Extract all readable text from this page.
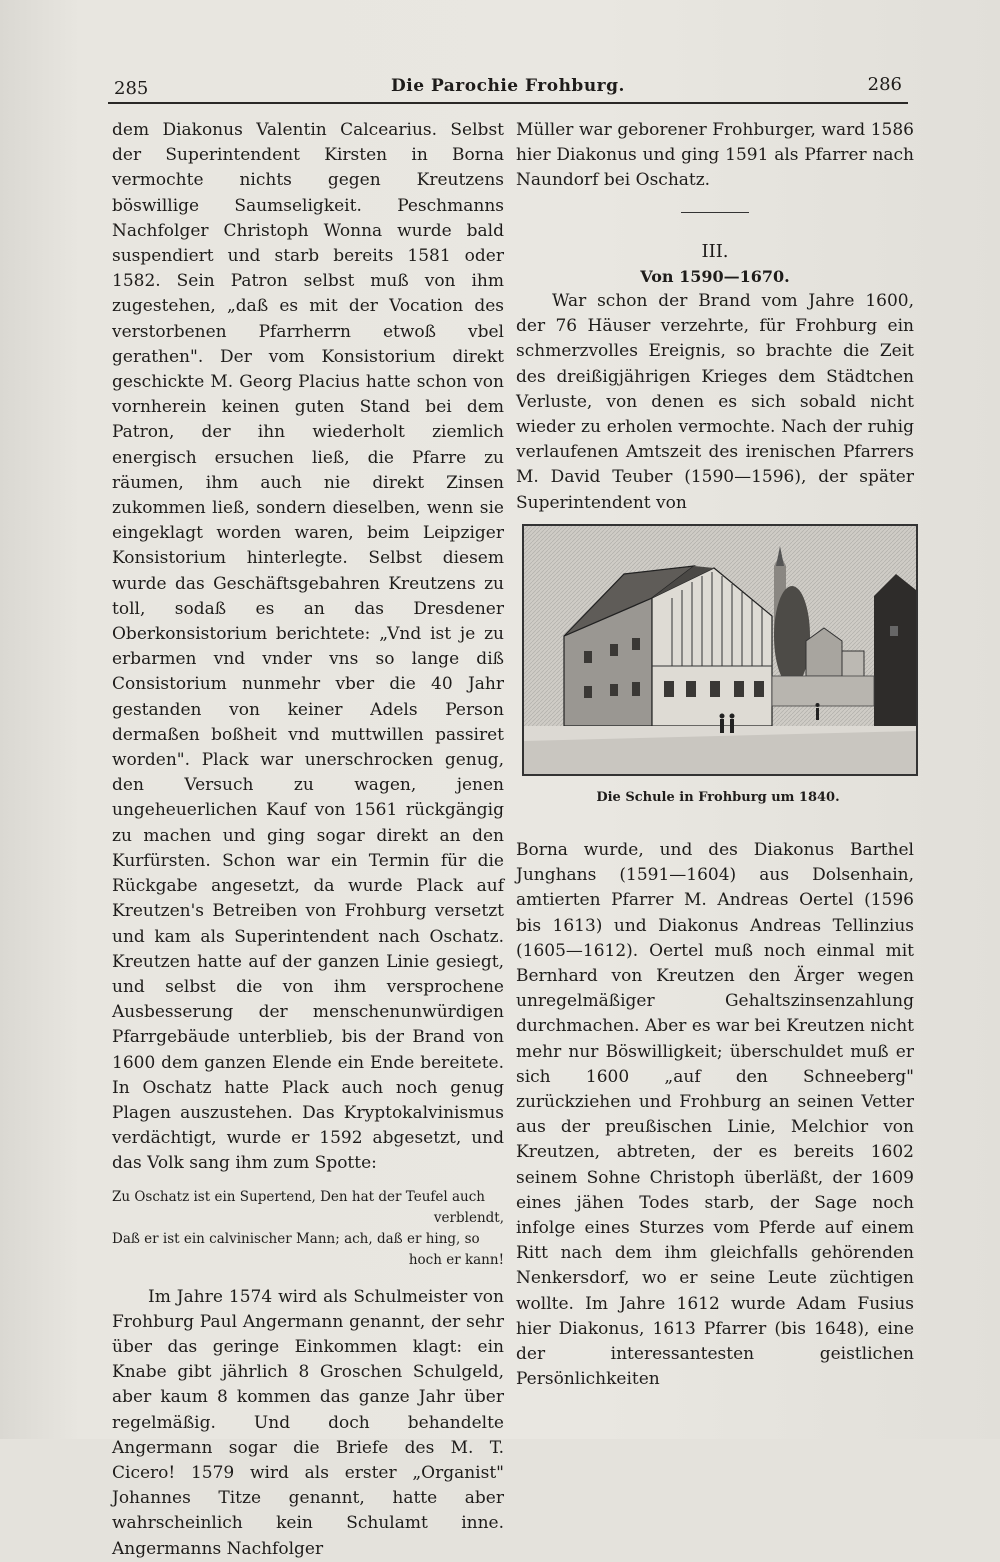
285	Die Parochie Frohburg.	286

dem Diakonus Valentin Calcearius. Selbst der Superintendent Kirsten in Borna vermochte nichts gegen Kreutzens böswillige Saumseligkeit. Peschmanns Nachfolger Christoph Wonna wurde bald suspendiert und starb bereits 1581 oder 1582. Sein Patron selbst muß von ihm zugestehen, „daß es mit der Vocation des verstorbenen Pfarrherrn etwoß vbel gerathen". Der vom Konsistorium direkt geschickte M. Georg Placius hatte schon von vornherein keinen guten Stand bei dem Patron, der ihn wiederholt ziemlich energisch ersuchen ließ, die Pfarre zu räumen, ihm auch nie direkt Zinsen zukommen ließ, sondern dieselben, wenn sie eingeklagt worden waren, beim Leipziger Konsistorium hinterlegte. Selbst diesem wurde das Geschäftsgebahren Kreutzens zu toll, sodaß es an das Dresdener Oberkonsistorium berichtete: „Vnd ist je zu erbarmen vnd vnder vns so lange diß Consistorium nunmehr vber die 40 Jahr gestanden von keiner Adels Person dermaßen boßheit vnd muttwillen passiret worden". Plack war unerschrocken genug, den Versuch zu wagen, jenen ungeheuerlichen Kauf von 1561 rückgängig zu machen und ging sogar direkt an den Kurfürsten. Schon war ein Termin für die Rückgabe angesetzt, da wurde Plack auf Kreutzen's Betreiben von Frohburg versetzt und kam als Superintendent nach Oschatz. Kreutzen hatte auf der ganzen Linie gesiegt, und selbst die von ihm versprochene Ausbesserung der menschenunwürdigen Pfarrgebäude unterblieb, bis der Brand von 1600 dem ganzen Elende ein Ende bereitete. In Oschatz hatte Plack auch noch genug Plagen auszustehen. Das Kryptokalvinismus verdächtigt, wurde er 1592 abgesetzt, und das Volk sang ihm zum Spotte:

Zu Oschatz ist ein Supertend, Den hat der Teufel auch
verblendt,
Daß er ist ein calvinischer Mann; ach, daß er hing, so
hoch er kann!

Im Jahre 1574 wird als Schulmeister von Frohburg Paul Angermann genannt, der sehr über das geringe Einkommen klagt: ein Knabe gibt jährlich 8 Groschen Schulgeld, aber kaum 8 kommen das ganze Jahr über regelmäßig. Und doch behandelte Angermann sogar die Briefe des M. T. Cicero! 1579 wird als erster „Organist" Johannes Titze genannt, hatte aber wahrscheinlich kein Schulamt inne. Angermanns Nachfolger

Müller war geborener Frohburger, ward 1586 hier Diakonus und ging 1591 als Pfarrer nach Naundorf bei Oschatz.

III.

Von 1590—1670.

War schon der Brand vom Jahre 1600, der 76 Häuser verzehrte, für Frohburg ein schmerzvolles Ereignis, so brachte die Zeit des dreißigjährigen Krieges dem Städtchen Verluste, von denen es sich sobald nicht wieder zu erholen vermochte. Nach der ruhig verlaufenen Amtszeit des irenischen Pfarrers M. David Teuber (1590—1596), der später Superintendent von

Die Schule in Frohburg um 1840.

Borna wurde, und des Diakonus Barthel Junghans (1591—1604) aus Dolsenhain, amtierten Pfarrer M. Andreas Oertel (1596 bis 1613) und Diakonus Andreas Tellinzius (1605—1612). Oertel muß noch einmal mit Bernhard von Kreutzen den Ärger wegen unregelmäßiger Gehaltszinsenzahlung durchmachen. Aber es war bei Kreutzen nicht mehr nur Böswilligkeit; überschuldet muß er sich 1600 „auf den Schneeberg" zurückziehen und Frohburg an seinen Vetter aus der preußischen Linie, Melchior von Kreutzen, abtreten, der es bereits 1602 seinem Sohne Christoph überläßt, der 1609 eines jähen Todes starb, der Sage noch infolge eines Sturzes vom Pferde auf einem Ritt nach dem ihm gleichfalls gehörenden Nenkersdorf, wo er seine Leute züchtigen wollte. Im Jahre 1612 wurde Adam Fusius hier Diakonus, 1613 Pfarrer (bis 1648), eine der interessantesten geistlichen Persönlichkeiten
